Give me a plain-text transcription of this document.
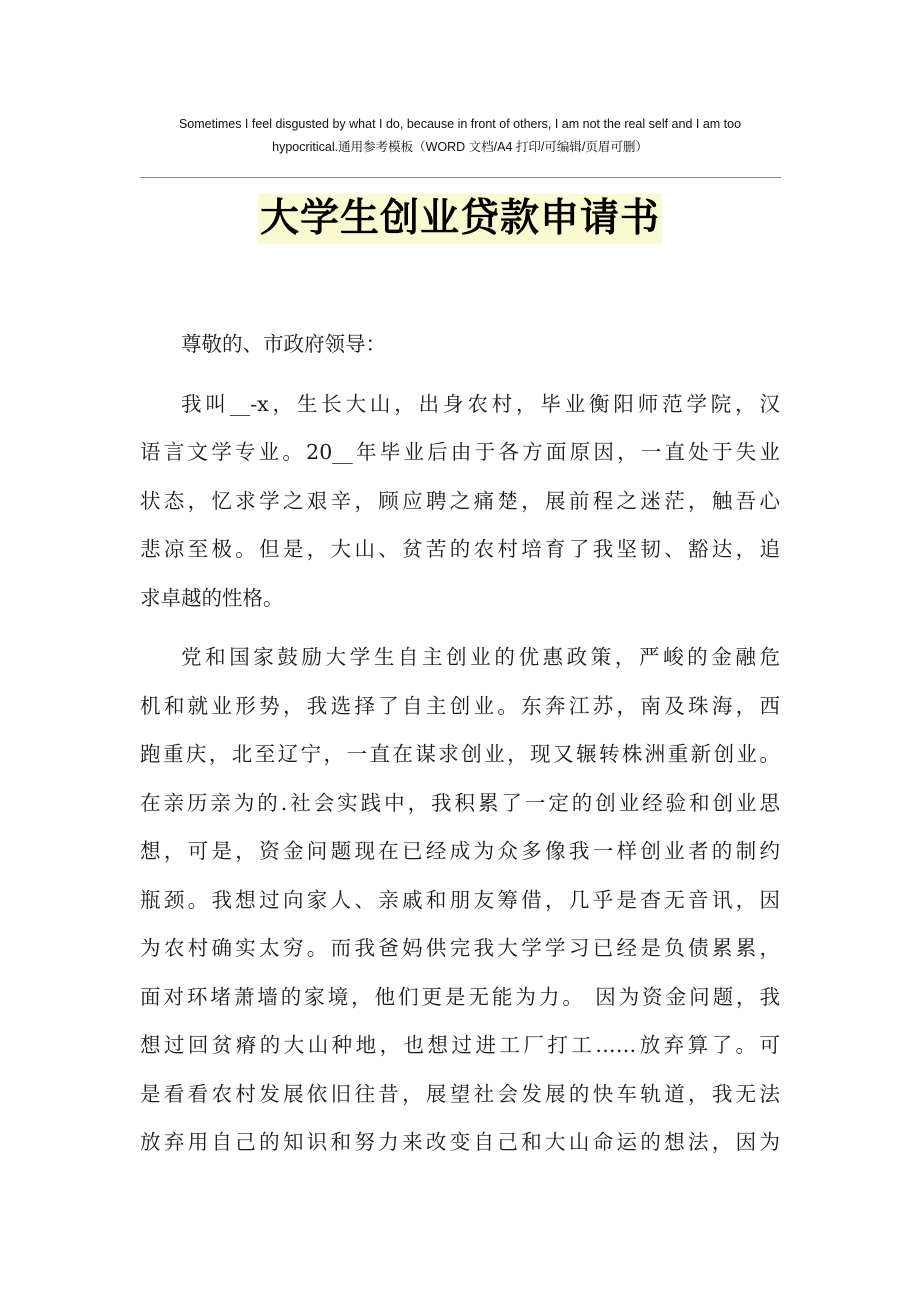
Sometimes I feel disgusted by what I do, because in front of others, I am not the real self and I am too
hypocritical.通用参考模板（WORD 文档/A4 打印/可编辑/页眉可删）
大学生创业贷款申请书
尊敬的、市政府领导：
我叫__-x，生长大山，出身农村，毕业衡阳师范学院，汉
语言文学专业。20__年毕业后由于各方面原因，一直处于失业
状态，忆求学之艰辛，顾应聘之痛楚，展前程之迷茫，触吾心
悲凉至极。但是，大山、贫苦的农村培育了我坚韧、豁达，追
求卓越的性格。
党和国家鼓励大学生自主创业的优惠政策，严峻的金融危
机和就业形势，我选择了自主创业。东奔江苏，南及珠海，西
跑重庆，北至辽宁，一直在谋求创业，现又辗转株洲重新创业。
在亲历亲为的.社会实践中，我积累了一定的创业经验和创业思
想，可是，资金问题现在已经成为众多像我一样创业者的制约
瓶颈。我想过向家人、亲戚和朋友筹借，几乎是杳无音讯，因
为农村确实太穷。而我爸妈供完我大学学习已经是负债累累，
面对环堵萧墙的家境，他们更是无能为力。 因为资金问题，我
想过回贫瘠的大山种地，也想过进工厂打工……放弃算了。可
是看看农村发展依旧往昔，展望社会发展的快车轨道，我无法
放弃用自己的知识和努力来改变自己和大山命运的想法，因为
